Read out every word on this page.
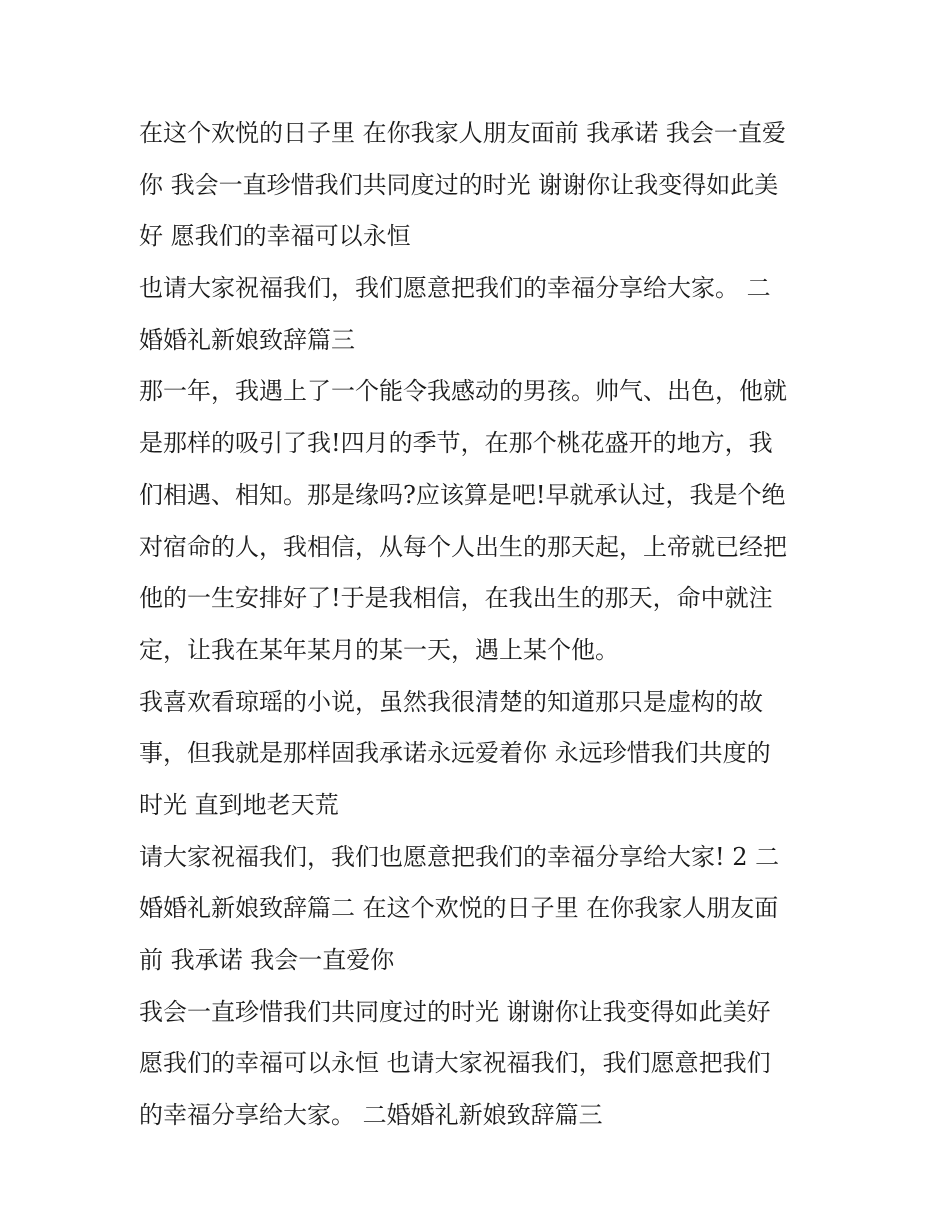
在这个欢悦的日子里 在你我家人朋友面前 我承诺 我会一直爱
你 我会一直珍惜我们共同度过的时光 谢谢你让我变得如此美
好 愿我们的幸福可以永恒

也请大家祝福我们，我们愿意把我们的幸福分享给大家。 二
婚婚礼新娘致辞篇三

那一年，我遇上了一个能令我感动的男孩。帅气、出色，他就
是那样的吸引了我!四月的季节，在那个桃花盛开的地方，我
们相遇、相知。那是缘吗?应该算是吧!早就承认过，我是个绝
对宿命的人，我相信，从每个人出生的那天起，上帝就已经把
他的一生安排好了!于是我相信，在我出生的那天，命中就注
定，让我在某年某月的某一天，遇上某个他。

我喜欢看琼瑶的小说，虽然我很清楚的知道那只是虚构的故
事，但我就是那样固我承诺永远爱着你 永远珍惜我们共度的
时光 直到地老天荒

请大家祝福我们，我们也愿意把我们的幸福分享给大家! 2 二
婚婚礼新娘致辞篇二 在这个欢悦的日子里 在你我家人朋友面
前 我承诺 我会一直爱你

我会一直珍惜我们共同度过的时光 谢谢你让我变得如此美好
愿我们的幸福可以永恒 也请大家祝福我们，我们愿意把我们
的幸福分享给大家。 二婚婚礼新娘致辞篇三
